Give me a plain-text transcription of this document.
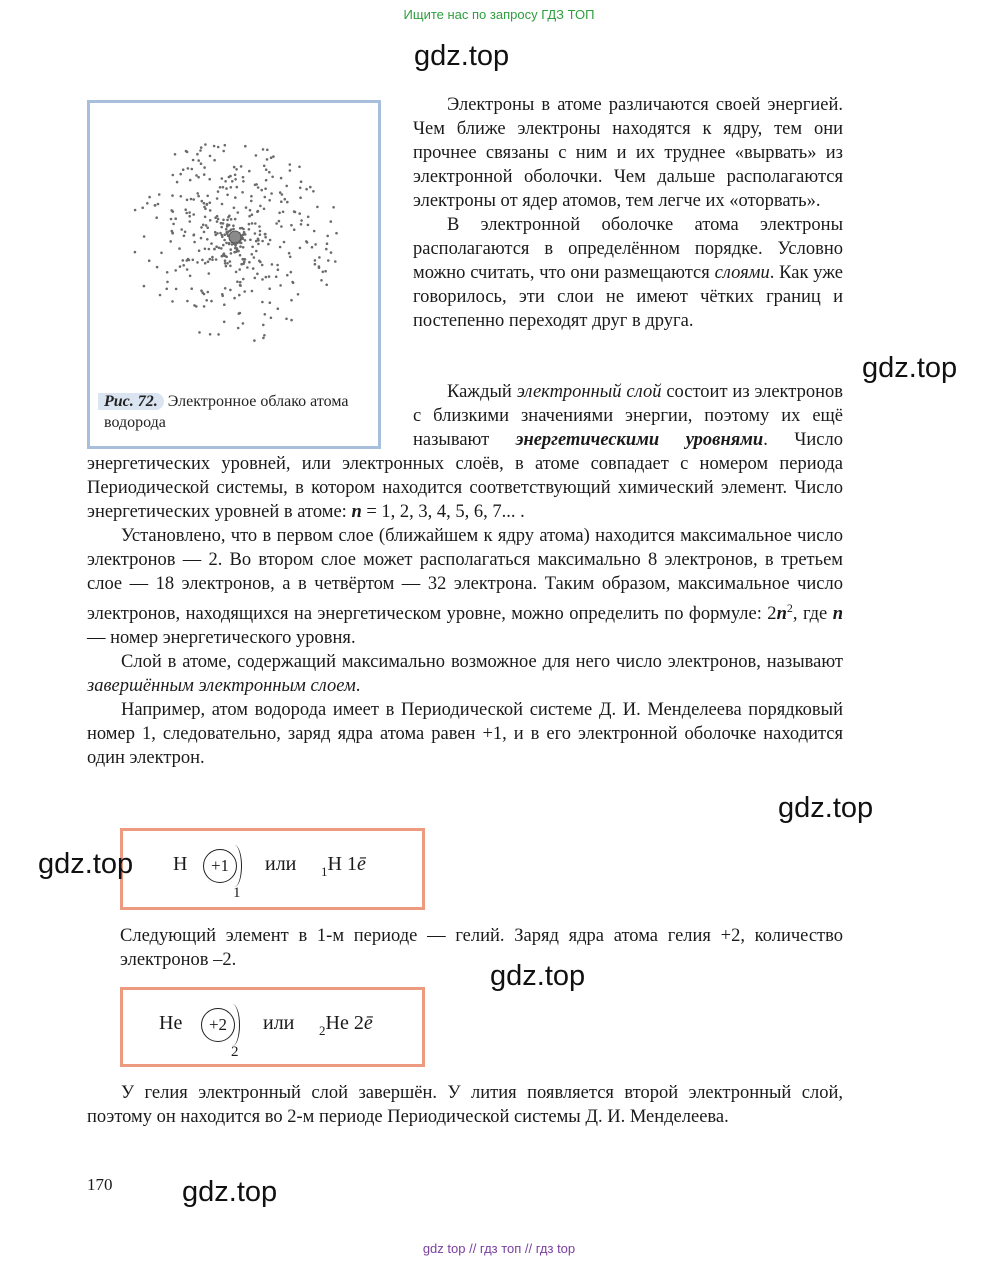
Ищите нас по запросу ГДЗ ТОП
gdz.top
Рис. 72. Электронное облако атома водорода

Электроны в атоме различаются своей энергией. Чем ближе электроны находятся к ядру, тем они прочнее связаны с ним и их труднее «вырвать» из электронной оболочки. Чем дальше располагаются электроны от ядер атомов, тем легче их «оторвать».

В электронной оболочке атома электроны располагаются в определённом порядке. Условно можно считать, что они размещаются слоями. Как уже говорилось, эти слои не имеют чётких границ и постепенно переходят друг в друга.

gdz.top

Каждый электронный слой состоит из электронов с близкими значениями энергии, поэтому их ещё называют энергетическими уровнями. Число энергетических уровней, или электронных слоёв, в атоме совпадает с номером периода Периодической системы, в котором находится соответствующий химический элемент. Число энергетических уровней в атоме: n = 1, 2, 3, 4, 5, 6, 7... .

Установлено, что в первом слое (ближайшем к ядру атома) находится максимальное число электронов — 2. Во втором слое может располагаться максимально 8 электронов, в третьем слое — 18 электронов, а в четвёртом — 32 электрона. Таким образом, максимальное число электронов, находящихся на энергетическом уровне, можно определить по формуле: $2n^2$, где n — номер энергетического уровня.

Слой в атоме, содержащий максимально возможное для него число электронов, называют завершённым электронным слоем.

Например, атом водорода имеет в Периодической системе Д. И. Менделеева порядковый номер 1, следовательно, заряд ядра атома равен +1, и в его электронной оболочке находится один электрон.

gdz.top
H	+1
1
или $_1$H 1ē
gdz.top
Следующий элемент в 1-м периоде — гелий. Заряд ядра атома гелия +2, количество электронов –2.	gdz.top
He	+2
2
или $_2$He 2ē

У гелия электронный слой завершён. У лития появляется второй электронный слой, поэтому он находится во 2-м периоде Периодической системы Д. И. Менделеева.

170 gdz.top
gdz top // гдз топ // гдз top
